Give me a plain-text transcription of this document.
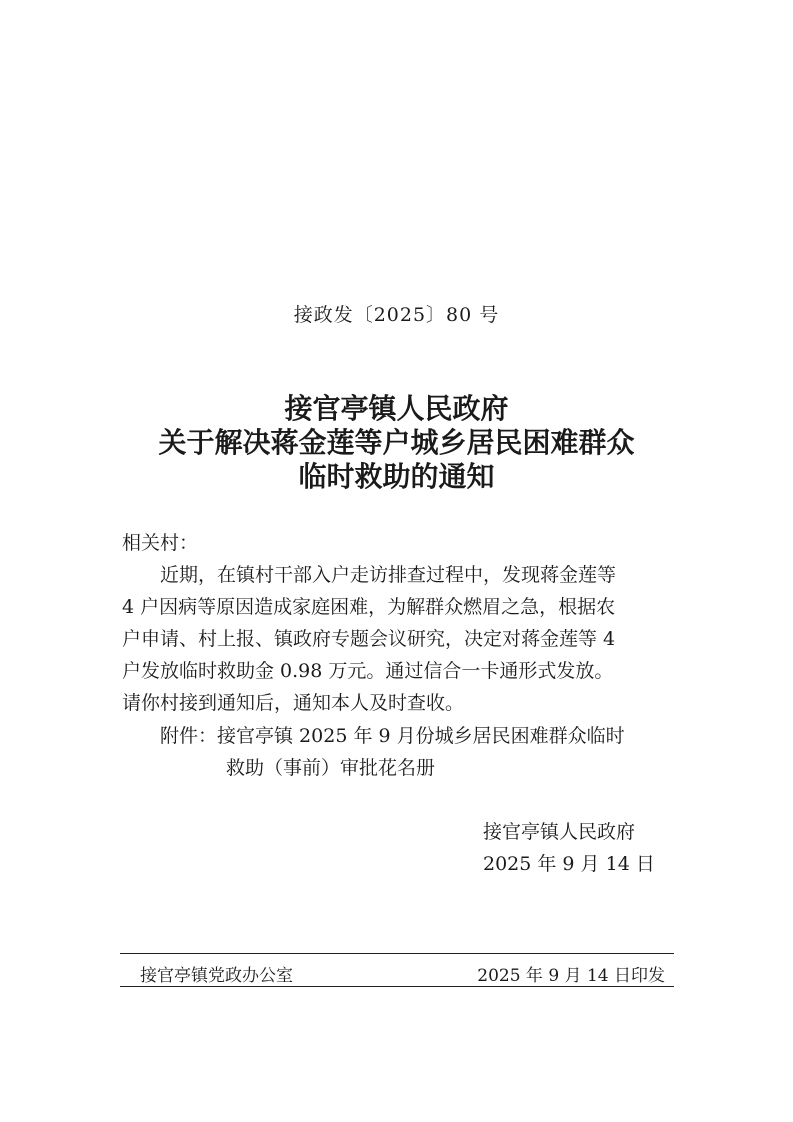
接政发〔2025〕80 号
接官亭镇人民政府
关于解决蒋金莲等户城乡居民困难群众
临时救助的通知
相关村：
　　近期，在镇村干部入户走访排查过程中，发现蒋金莲等
4 户因病等原因造成家庭困难，为解群众燃眉之急，根据农
户申请、村上报、镇政府专题会议研究，决定对蒋金莲等 4
户发放临时救助金 0.98 万元。通过信合一卡通形式发放。
请你村接到通知后，通知本人及时查收。
附件：接官亭镇 2025 年 9 月份城乡居民困难群众临时
救助（事前）审批花名册
接官亭镇人民政府
2025 年 9 月 14 日
接官亭镇党政办公室	2025 年 9 月 14 日印发
